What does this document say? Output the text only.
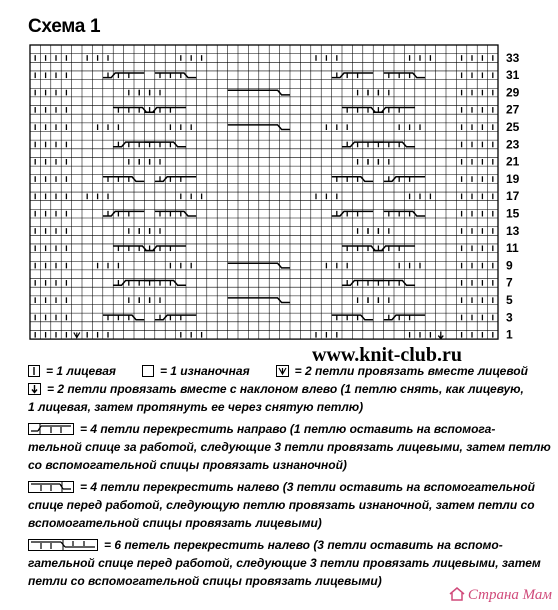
Схема 1
1
3
5
7
9
11
13
15
17
19
21
23
25
27
29
31
33
www.knit-club.ru
= 1 лицевая	= 1 изнаночная	= 2 петли провязать вместе лицевой
= 2 петли провязать вместе с наклоном влево (1 петлю снять, как лицевую,
1 лицевая, затем протянуть ее через снятую петлю)
= 4 петли перекрестить направо (1 петлю оставить на вспомога-
тельной спице за работой, следующие 3 петли провязать лицевыми, затем петлю
со вспомогательной спицы провязать изнаночной)
= 4 петли перекрестить налево (3 петли оставить на вспомогательной
спице перед работой, следующую петлю провязать изнаночной, затем петли со
вспомогательной спицы провязать лицевыми)
= 6 петель перекрестить налево (3 петли оставить на вспомо-
гательной спице перед работой, следующие 3 петли провязать лицевыми, затем
петли со вспомогательной спицы провязать лицевыми)
Страна Мам
